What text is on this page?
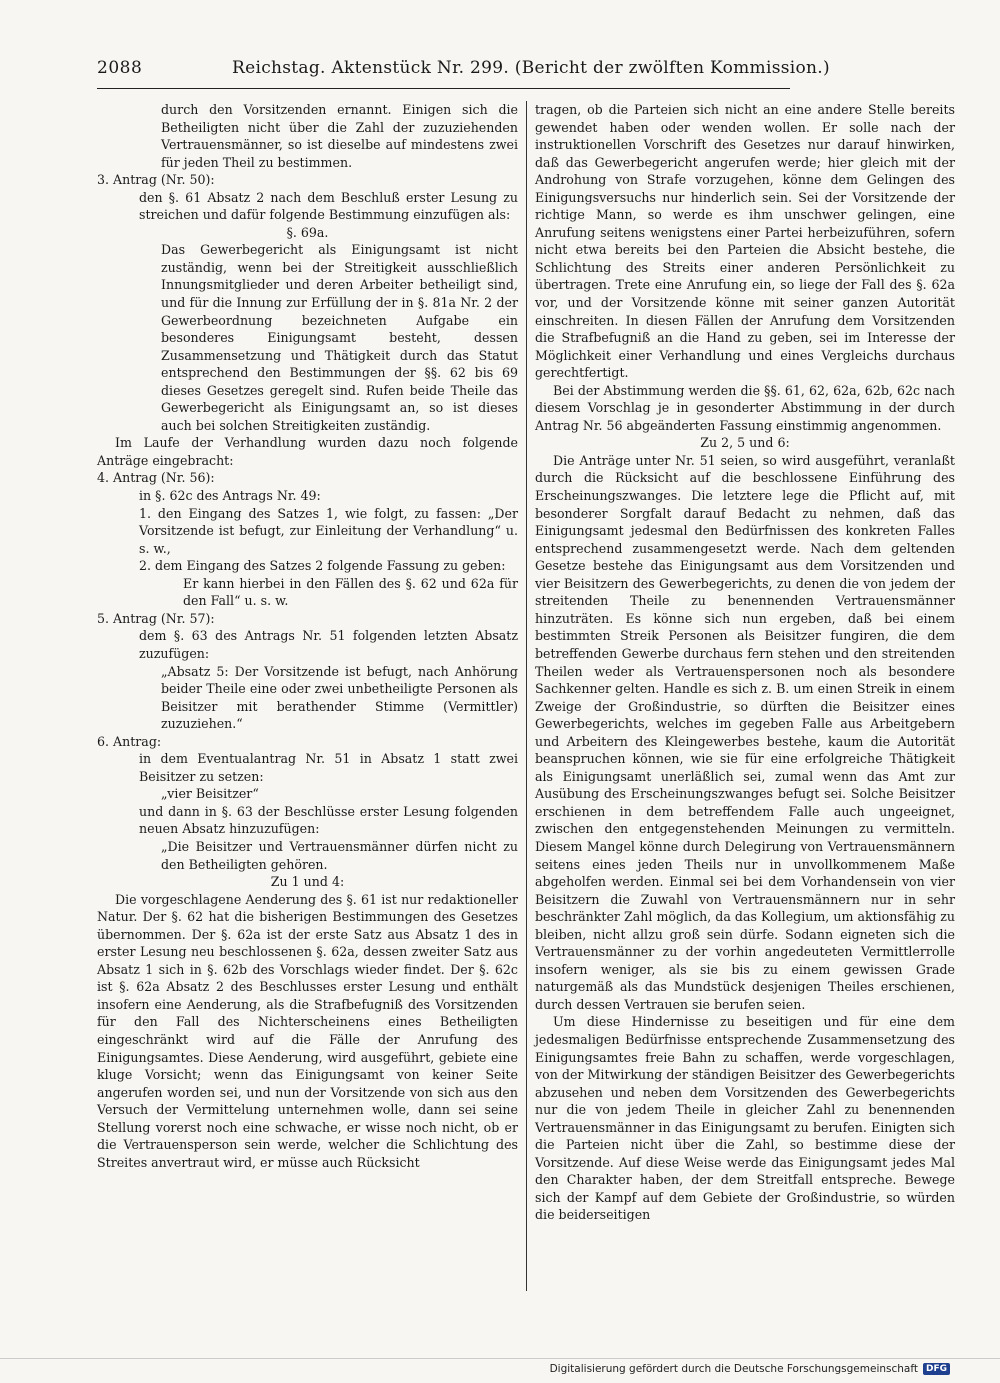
2088	Reichstag. Aktenstück Nr. 299. (Bericht der zwölften Kommission.)

durch den Vorsitzenden ernannt. Einigen sich die Betheiligten nicht über die Zahl der zuzuziehenden Vertrauensmänner, so ist dieselbe auf mindestens zwei für jeden Theil zu bestimmen.

3. Antrag (Nr. 50):

den §. 61 Absatz 2 nach dem Beschluß erster Lesung zu streichen und dafür folgende Bestimmung einzufügen als:

§. 69a.

Das Gewerbegericht als Einigungsamt ist nicht zuständig, wenn bei der Streitigkeit ausschließlich Innungsmitglieder und deren Arbeiter betheiligt sind, und für die Innung zur Erfüllung der in §. 81a Nr. 2 der Gewerbeordnung bezeichneten Aufgabe ein besonderes Einigungsamt besteht, dessen Zusammensetzung und Thätigkeit durch das Statut entsprechend den Bestimmungen der §§. 62 bis 69 dieses Gesetzes geregelt sind. Rufen beide Theile das Gewerbegericht als Einigungsamt an, so ist dieses auch bei solchen Streitigkeiten zuständig.

Im Laufe der Verhandlung wurden dazu noch folgende Anträge eingebracht:

4. Antrag (Nr. 56):

in §. 62c des Antrags Nr. 49:

1. den Eingang des Satzes 1, wie folgt, zu fassen: „Der Vorsitzende ist befugt, zur Einleitung der Verhandlung“ u. s. w.,

2. dem Eingang des Satzes 2 folgende Fassung zu geben:

Er kann hierbei in den Fällen des §. 62 und 62a für den Fall“ u. s. w.

5. Antrag (Nr. 57):

dem §. 63 des Antrags Nr. 51 folgenden letzten Absatz zuzufügen:

„Absatz 5: Der Vorsitzende ist befugt, nach Anhörung beider Theile eine oder zwei unbetheiligte Personen als Beisitzer mit berathender Stimme (Vermittler) zuzuziehen.“

6. Antrag:

in dem Eventualantrag Nr. 51 in Absatz 1 statt zwei Beisitzer zu setzen:

„vier Beisitzer“

und dann in §. 63 der Beschlüsse erster Lesung folgenden neuen Absatz hinzuzufügen:

„Die Beisitzer und Vertrauensmänner dürfen nicht zu den Betheiligten gehören.

Zu 1 und 4:

Die vorgeschlagene Aenderung des §. 61 ist nur redaktioneller Natur. Der §. 62 hat die bisherigen Bestimmungen des Gesetzes übernommen. Der §. 62a ist der erste Satz aus Absatz 1 des in erster Lesung neu beschlossenen §. 62a, dessen zweiter Satz aus Absatz 1 sich in §. 62b des Vorschlags wieder findet. Der §. 62c ist §. 62a Absatz 2 des Beschlusses erster Lesung und enthält insofern eine Aenderung, als die Strafbefugniß des Vorsitzenden für den Fall des Nichterscheinens eines Betheiligten eingeschränkt wird auf die Fälle der Anrufung des Einigungsamtes. Diese Aenderung, wird ausgeführt, gebiete eine kluge Vorsicht; wenn das Einigungsamt von keiner Seite angerufen worden sei, und nun der Vorsitzende von sich aus den Versuch der Vermittelung unternehmen wolle, dann sei seine Stellung vorerst noch eine schwache, er wisse noch nicht, ob er die Vertrauensperson sein werde, welcher die Schlichtung des Streites anvertraut wird, er müsse auch Rücksicht

tragen, ob die Parteien sich nicht an eine andere Stelle bereits gewendet haben oder wenden wollen. Er solle nach der instruktionellen Vorschrift des Gesetzes nur darauf hinwirken, daß das Gewerbegericht angerufen werde; hier gleich mit der Androhung von Strafe vorzugehen, könne dem Gelingen des Einigungsversuchs nur hinderlich sein. Sei der Vorsitzende der richtige Mann, so werde es ihm unschwer gelingen, eine Anrufung seitens wenigstens einer Partei herbeizuführen, sofern nicht etwa bereits bei den Parteien die Absicht bestehe, die Schlichtung des Streits einer anderen Persönlichkeit zu übertragen. Trete eine Anrufung ein, so liege der Fall des §. 62a vor, und der Vorsitzende könne mit seiner ganzen Autorität einschreiten. In diesen Fällen der Anrufung dem Vorsitzenden die Strafbefugniß an die Hand zu geben, sei im Interesse der Möglichkeit einer Verhandlung und eines Vergleichs durchaus gerechtfertigt.

Bei der Abstimmung werden die §§. 61, 62, 62a, 62b, 62c nach diesem Vorschlag je in gesonderter Abstimmung in der durch Antrag Nr. 56 abgeänderten Fassung einstimmig angenommen.

Zu 2, 5 und 6:

Die Anträge unter Nr. 51 seien, so wird ausgeführt, veranlaßt durch die Rücksicht auf die beschlossene Einführung des Erscheinungszwanges. Die letztere lege die Pflicht auf, mit besonderer Sorgfalt darauf Bedacht zu nehmen, daß das Einigungsamt jedesmal den Bedürfnissen des konkreten Falles entsprechend zusammengesetzt werde. Nach dem geltenden Gesetze bestehe das Einigungsamt aus dem Vorsitzenden und vier Beisitzern des Gewerbegerichts, zu denen die von jedem der streitenden Theile zu benennenden Vertrauensmänner hinzuträten. Es könne sich nun ergeben, daß bei einem bestimmten Streik Personen als Beisitzer fungiren, die dem betreffenden Gewerbe durchaus fern stehen und den streitenden Theilen weder als Vertrauenspersonen noch als besondere Sachkenner gelten. Handle es sich z. B. um einen Streik in einem Zweige der Großindustrie, so dürften die Beisitzer eines Gewerbegerichts, welches im gegeben Falle aus Arbeitgebern und Arbeitern des Kleingewerbes bestehe, kaum die Autorität beanspruchen können, wie sie für eine erfolgreiche Thätigkeit als Einigungsamt unerläßlich sei, zumal wenn das Amt zur Ausübung des Erscheinungszwanges befugt sei. Solche Beisitzer erschienen in dem betreffendem Falle auch ungeeignet, zwischen den entgegenstehenden Meinungen zu vermitteln. Diesem Mangel könne durch Delegirung von Vertrauensmännern seitens eines jeden Theils nur in unvollkommenem Maße abgeholfen werden. Einmal sei bei dem Vorhandensein von vier Beisitzern die Zuwahl von Vertrauensmännern nur in sehr beschränkter Zahl möglich, da das Kollegium, um aktionsfähig zu bleiben, nicht allzu groß sein dürfe. Sodann eigneten sich die Vertrauensmänner zu der vorhin angedeuteten Vermittlerrolle insofern weniger, als sie bis zu einem gewissen Grade naturgemäß als das Mundstück desjenigen Theiles erschienen, durch dessen Vertrauen sie berufen seien.

Um diese Hindernisse zu beseitigen und für eine dem jedesmaligen Bedürfnisse entsprechende Zusammensetzung des Einigungsamtes freie Bahn zu schaffen, werde vorgeschlagen, von der Mitwirkung der ständigen Beisitzer des Gewerbegerichts abzusehen und neben dem Vorsitzenden des Gewerbegerichts nur die von jedem Theile in gleicher Zahl zu benennenden Vertrauensmänner in das Einigungsamt zu berufen. Einigten sich die Parteien nicht über die Zahl, so bestimme diese der Vorsitzende. Auf diese Weise werde das Einigungsamt jedes Mal den Charakter haben, der dem Streitfall entspreche. Bewege sich der Kampf auf dem Gebiete der Großindustrie, so würden die beiderseitigen

Digitalisierung gefördert durch die Deutsche Forschungsgemeinschaft DFG
